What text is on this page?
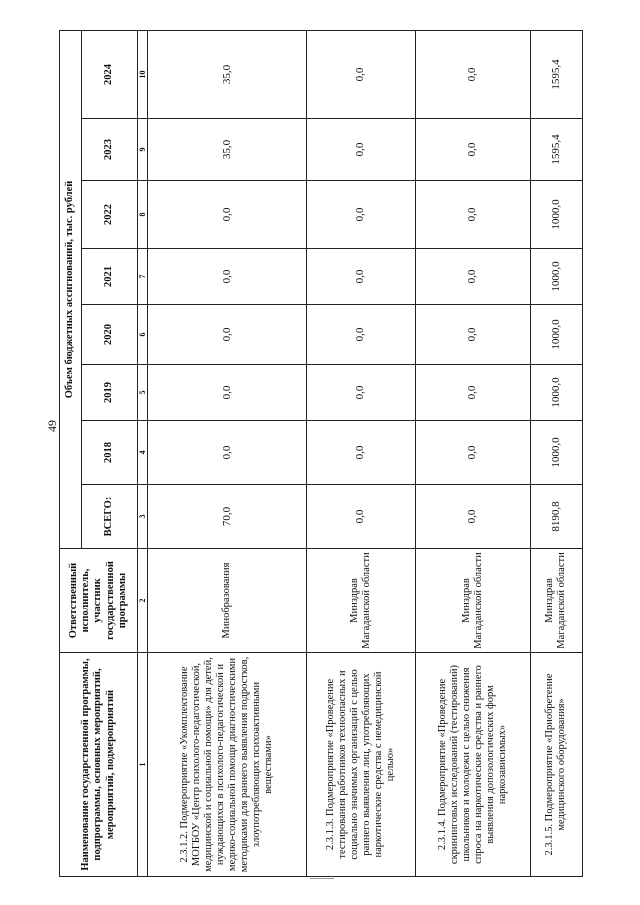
49
Наименование государственной программы, подпрограммы, основных мероприятий, мероприятий, подмероприятий	Ответственный исполнитель, участник государственной программы	Объем бюджетных ассигнований, тыс. рублей							
		ВСЕГО:	2018	2019	2020	2021	2022	2023	2024
1	2	3	4	5	6	7	8	9	10
2.3.1.2. Подмероприятие «Укомплектование МОГБОУ «Центр психолого-педагогической, медицинской и социальной помощи» для детей, нуждающихся в психолого-педагогической и медико-социальной помощи диагностическими методиками для раннего выявления подростков, злоупотребляющих психоактивными веществами»	Минобразования	70,0	0,0	0,0	0,0	0,0	0,0	35,0	35,0
2.3.1.3. Подмероприятие «Проведение тестирования работников техноопасных и социально значимых организаций с целью раннего выявления лиц, употребляющих наркотические средства с немедицинской целью»	Минздрав Магаданской области	0,0	0,0	0,0	0,0	0,0	0,0	0,0	0,0
2.3.1.4. Подмероприятие «Проведение скрининговых исследований (тестирований) школьников и молодежи с целью снижения спроса на наркотические средства и раннего выявления допозологических форм наркозависимых»	Минздрав Магаданской области	0,0	0,0	0,0	0,0	0,0	0,0	0,0	0,0
2.3.1.5. Подмероприятие «Приобретение медицинского оборудования»	Минздрав Магаданской области	8190,8	1000,0	1000,0	1000,0	1000,0	1000,0	1595,4	1595,4
